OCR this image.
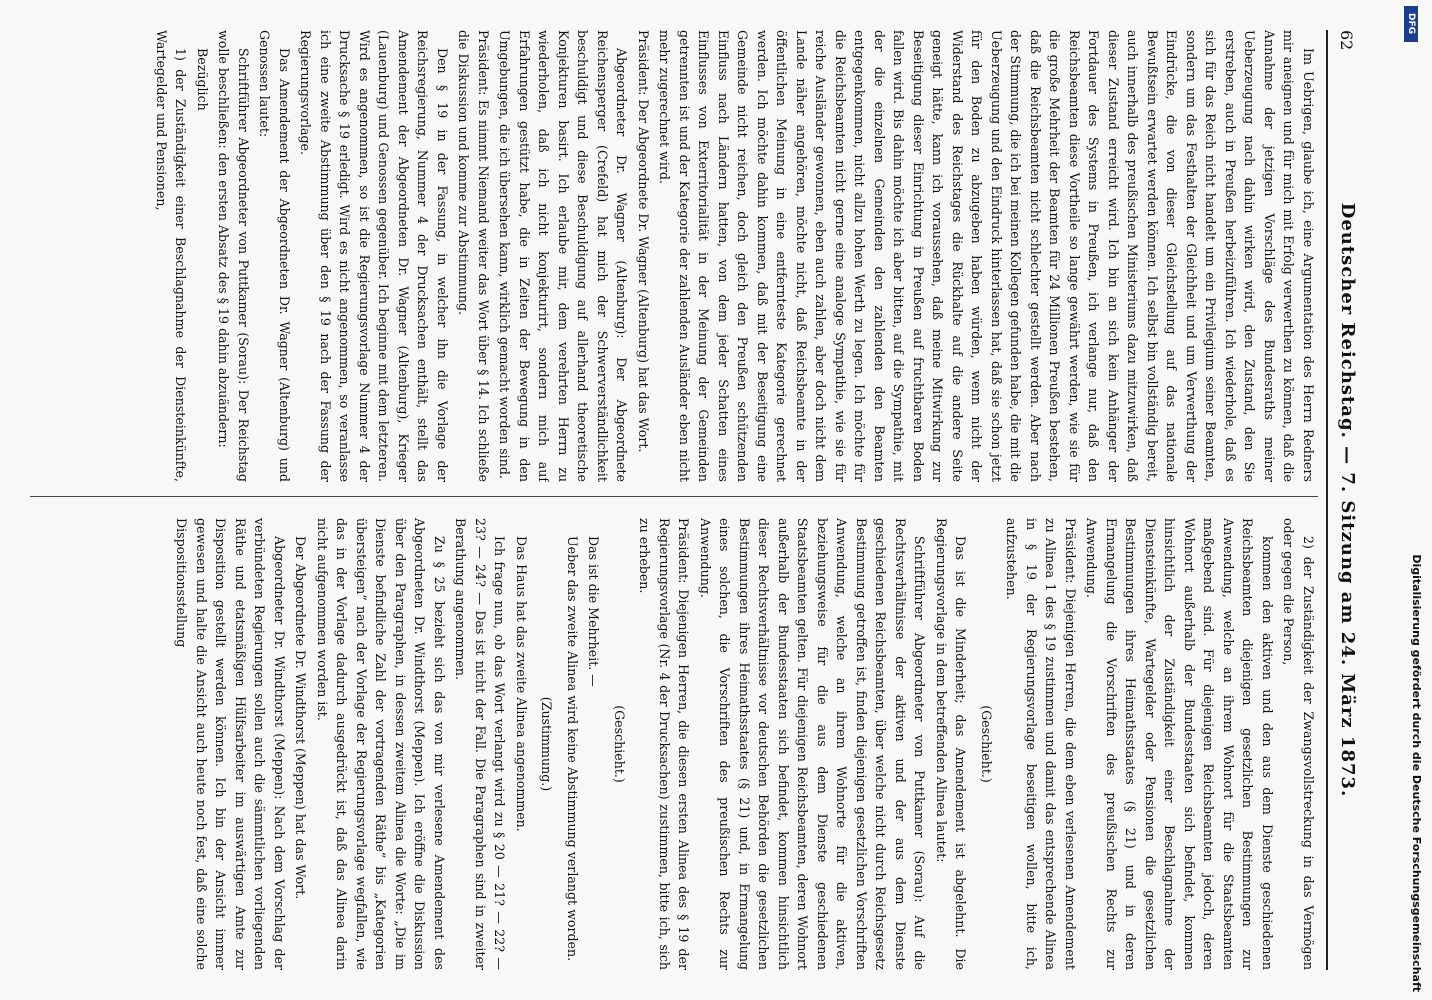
62
Deutscher Reichstag. — 7. Sitzung am 24. März 1873.

Im Uebrigen, glaube ich, eine Argumentation des Herrn Redners mir aneignen und für mich mit Erfolg verwerthen zu können, daß die Annahme der jetzigen Vorschläge des Bundesraths meiner Ueberzeugung nach dahin wirken wird, den Zustand, den Sie erstreben, auch in Preußen herbeizuführen. Ich wiederhole, daß es sich für das Reich nicht handelt um ein Privilegium seiner Beamten, sondern um das Festhalten der Gleichheit und um Verwerthung der Eindrücke, die von dieser Gleichstellung auf das nationale Bewußtsein erwartet werden können. Ich selbst bin vollständig bereit, auch innerhalb des preußischen Ministeriums dazu mitzuwirken, daß dieser Zustand erreicht wird. Ich bin an sich kein Anhänger der Fortdauer des Systems in Preußen, ich verlange nur, daß den Reichsbeamten diese Vortheile so lange gewährt werden, wie sie für die große Mehrheit der Beamten für 24 Millionen Preußen bestehen, daß die Reichsbeamten nicht schlechter gestellt werden. Aber nach der Stimmung, die ich bei meinen Kollegen gefunden habe, die mit die Ueberzeugung und den Eindruck hinterlassen hat, daß sie schon jetzt für den Boden zu abzugeben haben würden, wenn nicht der Widerstand des Reichstages die Rückhalte auf die andere Seite geneigt hätte, kann ich voraussehen, daß meine Mitwirkung zur Beseitigung dieser Einrichtung in Preußen auf fruchtbaren Boden fallen wird. Bis dahin möchte ich aber bitten, auf die Sympathie, mit der die einzelnen Gemeinden den zahlenden den Beamten entgegenkommen, nicht allzu hohen Werth zu legen. Ich möchte für die Reichsbeamten nicht gerne eine analoge Sympathie, wie sie für reiche Ausländer gewonnen, eben auch zahlen, aber doch nicht dem Lande näher angehören, möchte nicht, daß Reichsbeamte in der öffentlichen Meinung in eine entfernteste Kategorie gerechnet werden. Ich möchte dahin kommen, daß mit der Beseitigung eine Gemeinde nicht reichen, doch gleich den Preußen schützenden Einfluss nach Ländern hatten, von dem jeder Schatten eines Einflusses von Exterritorialität in der Meinung der Gemeinden getrennten ist und der Kategorie der zahlenden Ausländer eben nicht mehr zugerechnet wird.

Präsident: Der Abgeordnete Dr. Wagner (Altenburg) hat das Wort.

Abgeordneter Dr. Wagner (Altenburg): Der Abgeordnete Reichensperger (Crefeld) hat mich der Schwerverständlichkeit beschuldigt und diese Beschuldigung auf allerhand theoretische Konjekturen basirt. Ich erlaube mir, dem verehrten Herrn zu wiederholen, daß ich nicht konjekturirt, sondern mich auf Erfahrungen gestützt habe, die in Zeiten der Bewegung in den Umgebungen, die ich übersehen kann, wirklich gemacht worden sind.

Präsident: Es nimmt Niemand weiter das Wort über § 14. Ich schließe die Diskussion und komme zur Abstimmung.

Den § 19 in der Fassung, in welcher ihn die Vorlage der Reichsregierung, Nummer 4 der Drucksachen enthält, stellt das Amendement der Abgeordneten Dr. Wagner (Altenburg), Krieger (Lauenburg) und Genossen gegenüber. Ich beginne mit dem letzteren. Wird es angenommen, so ist die Regierungsvorlage Nummer 4 der Drucksache § 19 erledigt. Wird es nicht angenommen, so veranlasse ich eine zweite Abstimmung über den § 19 nach der Fassung der Regierungsvorlage.

Das Amendement der Abgeordneten Dr. Wagner (Altenburg) und Genossen lautet:

Schriftführer Abgeordneter von Puttkamer (Sorau): Der Reichstag wolle beschließen: den ersten Absatz des § 19 dahin abzuändern:

Bezüglich

1) der Zuständigkeit einer Beschlagnahme der Diensteinkünfte, Wartegelder und Pensionen,

2) der Zuständigkeit der Zwangsvollstreckung in das Vermögen oder gegen die Person,

kommen den aktiven und den aus dem Dienste geschiedenen Reichsbeamten diejenigen gesetzlichen Bestimmungen zur Anwendung, welche an ihrem Wohnort für die Staatsbeamten maßgebend sind. Für diejenigen Reichsbeamten jedoch, deren Wohnort außerhalb der Bundesstaaten sich befindet, kommen hinsichtlich der Zuständigkeit einer Beschlagnahme der Diensteinkünfte, Wartegelder oder Pensionen die gesetzlichen Bestimmungen ihres Heimathsstaates (§ 21) und in deren Ermangelung die Vorschriften des preußischen Rechts zur Anwendung.

Präsident: Diejenigen Herren, die dem eben verlesenen Amendement zu Alinea 1 des § 19 zustimmen und damit das entsprechende Alinea in § 19 der Regierungsvorlage beseitigen wollen, bitte ich, aufzustehen.

(Geschieht.)

Das ist die Minderheit; das Amendement ist abgelehnt. Die Regierungsvorlage in dem betreffenden Alinea lautet:

Schriftführer Abgeordneter von Puttkamer (Sorau): Auf die Rechtsverhältnisse der aktiven und der aus dem Dienste geschiedenen Reichsbeamten, über welche nicht durch Reichsgesetz Bestimmung getroffen ist, finden diejenigen gesetzlichen Vorschriften Anwendung, welche an ihrem Wohnorte für die aktiven, beziehungsweise für die aus dem Dienste geschiedenen Staatsbeamten gelten. Für diejenigen Reichsbeamten, deren Wohnort außerhalb der Bundesstaaten sich befindet, kommen hinsichtlich dieser Rechtsverhältnisse vor deutschen Behörden die gesetzlichen Bestimmungen ihres Heimathsstaates (§ 21) und, in Ermangelung eines solchen, die Vorschriften des preußischen Rechts zur Anwendung.

Präsident: Diejenigen Herren, die diesen ersten Alinea des § 19 der Regierungsvorlage (Nr. 4 der Drucksachen) zustimmen, bitte ich, sich zu erheben.

(Geschieht.)

Das ist die Mehrheit. —

Ueber das zweite Alinea wird keine Abstimmung verlangt worden.

(Zustimmung.)

Das Haus hat das zweite Alinea angenommen.

Ich frage nun, ob das Wort verlangt wird zu § 20 — 21? — 22? — 23? — 24? — Das ist nicht der Fall. Die Paragraphen sind in zweiter Berathung angenommen.

Zu § 25 bezieht sich das von mir verlesene Amendement des Abgeordneten Dr. Windthorst (Meppen). Ich eröffne die Diskussion über den Paragraphen, in dessen zweitem Alinea die Worte: „Die im Dienste befindliche Zahl der vortragenden Räthe“ bis „Kategorien übersteigen“ nach der Vorlage der Regierungsvorlage wegfallen, wie das in der Vorlage dadurch ausgedrückt ist, daß das Alinea darin nicht aufgenommen worden ist.

Der Abgeordnete Dr. Windthorst (Meppen) hat das Wort.

Abgeordneter Dr. Windthorst (Meppen): Nach dem Vorschlag der verbündeten Regierungen sollen auch die sämmtlichen vorliegenden Räthe und etatsmäßigen Hülfsarbeiter im auswärtigen Amte zur Disposition gestellt werden können. Ich bin der Ansicht immer gewesen und halte die Ansicht auch heute noch fest, daß eine solche Dispositionsstellung	Digitalisierung gefördert durch die Deutsche Forschungsgemeinschaft
DFG
